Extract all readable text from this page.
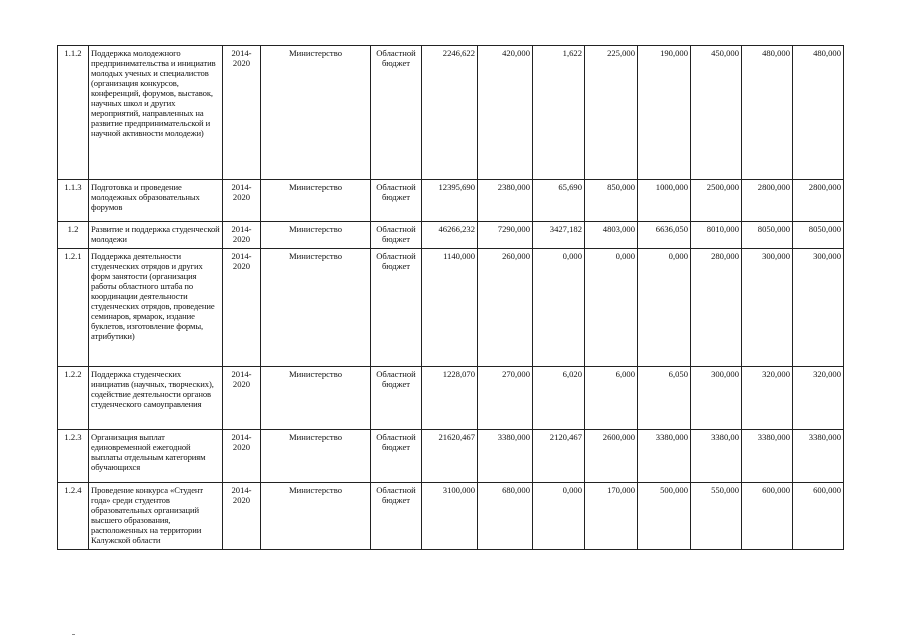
1.1.2	Поддержка молодежного предпринимательства и инициатив молодых ученых и специалистов (организация конкурсов, конференций, форумов, выставок, научных школ и других мероприятий, направленных на развитие предпринимательской и научной активности молодежи)	2014-2020	Министерство	Областной бюджет	2246,622	420,000	1,622	225,000	190,000	450,000	480,000	480,000
1.1.3	Подготовка и проведение молодежных образовательных форумов	2014-2020	Министерство	Областной бюджет	12395,690	2380,000	65,690	850,000	1000,000	2500,000	2800,000	2800,000
1.2	Развитие и поддержка студенческой молодежи	2014-2020	Министерство	Областной бюджет	46266,232	7290,000	3427,182	4803,000	6636,050	8010,000	8050,000	8050,000
1.2.1	Поддержка деятельности студенческих отрядов и других форм занятости (организация работы областного штаба по координации деятельности студенческих отрядов, проведение семинаров, ярмарок, издание буклетов, изготовление формы, атрибутики)	2014-2020	Министерство	Областной бюджет	1140,000	260,000	0,000	0,000	0,000	280,000	300,000	300,000
1.2.2	Поддержка студенческих инициатив (научных, творческих), содействие деятельности органов студенческого самоуправления	2014-2020	Министерство	Областной бюджет	1228,070	270,000	6,020	6,000	6,050	300,000	320,000	320,000
1.2.3	Организация выплат единовременной ежегодной выплаты отдельным категориям обучающихся	2014-2020	Министерство	Областной бюджет	21620,467	3380,000	2120,467	2600,000	3380,000	3380,00	3380,000	3380,000
1.2.4	Проведение конкурса «Студент года» среди студентов образовательных организаций высшего образования, расположенных на территории Калужской области	2014-2020	Министерство	Областной бюджет	3100,000	680,000	0,000	170,000	500,000	550,000	600,000	600,000
